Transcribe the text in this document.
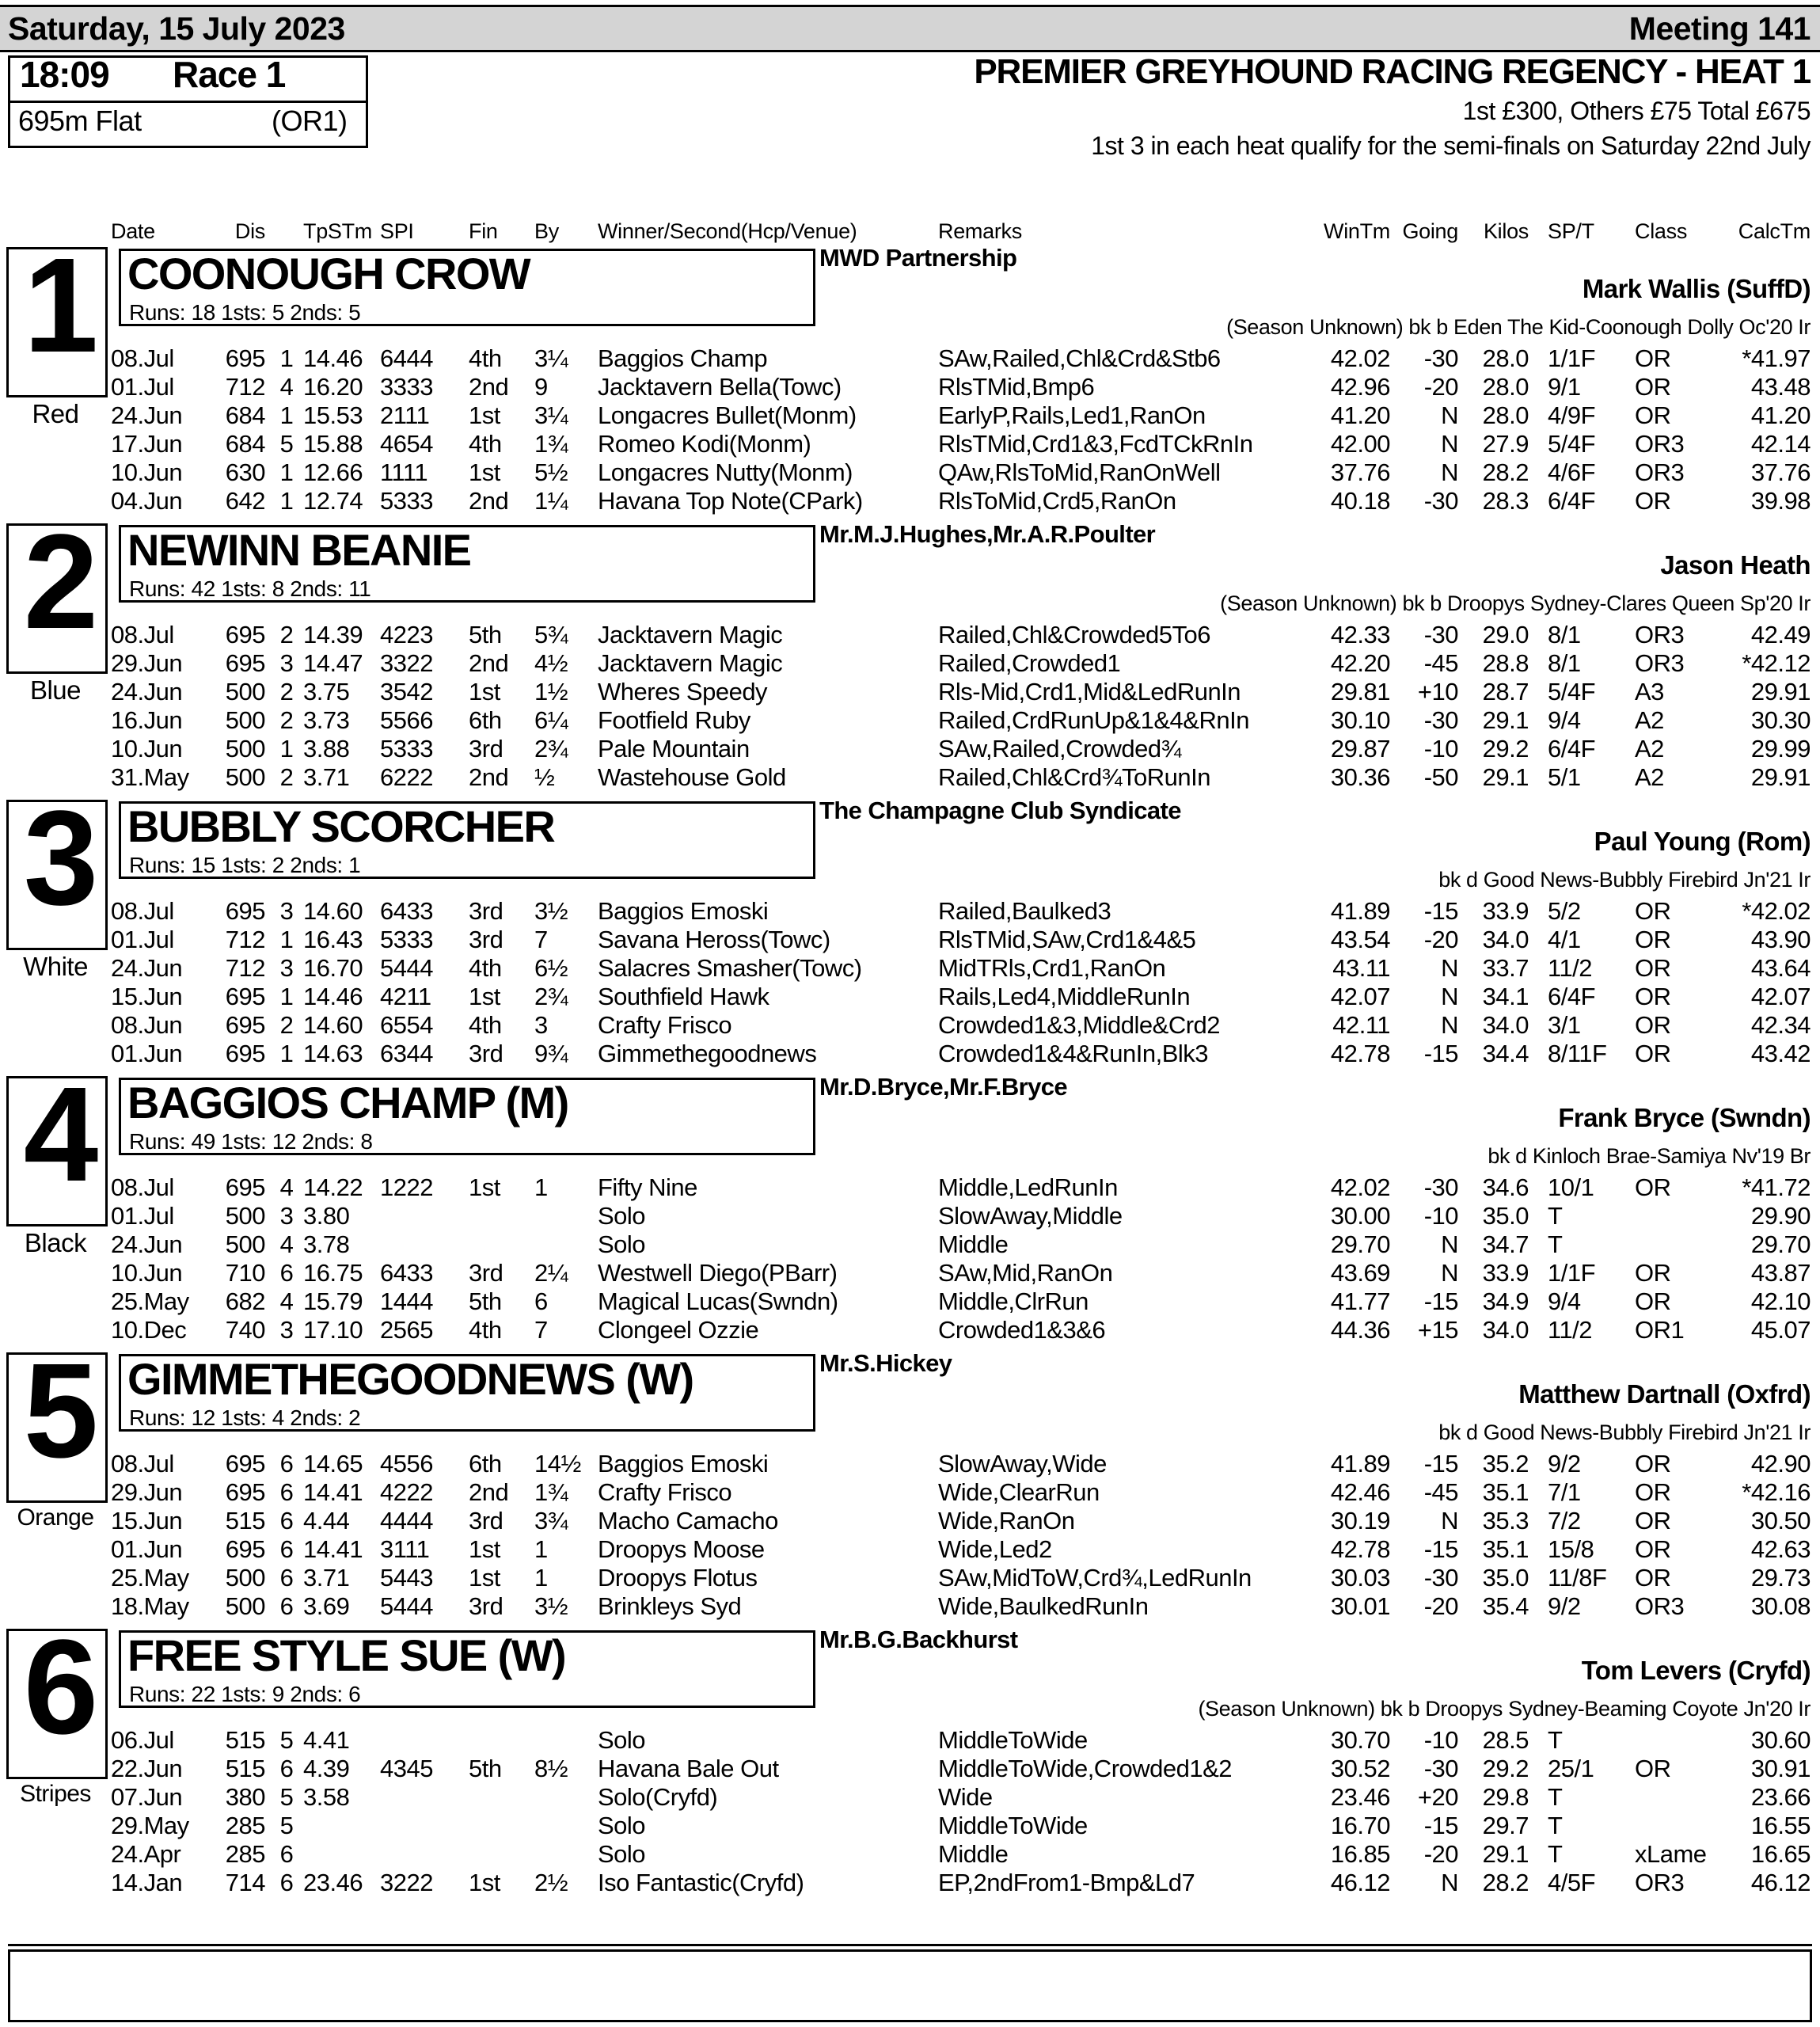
Saturday, 15 July 2023	Meeting 141
18:09 Race 1
695m Flat	(OR1)
PREMIER GREYHOUND RACING REGENCY - HEAT 1
1st £300, Others £75 Total £675
1st 3 in each heat qualify for the semi-finals on Saturday 22nd July
Date	Dis TpSTm SPI	Fin By Winner/Second(Hcp/Venue)	Remarks	WinTm Going	Kilos SP/T Class	CalcTm
1
Red
COONOUGH CROW
Runs: 18 1sts: 5 2nds: 5
MWD Partnership
Mark Wallis (SuffD)
(Season Unknown) bk b Eden The Kid-Coonough Dolly Oc'20 Ir
08.Jul	695 1 14.46 6444 4th 3¼ Baggios Champ	SAw,Railed,Chl&Crd&Stb6	42.02	-30 28.0 1/1F OR	*41.97
01.Jul	712 4 16.20 3333 2nd 9 Jacktavern Bella(Towc)	RlsTMid,Bmp6	42.96	-20 28.0 9/1 OR	43.48
24.Jun	684 1 15.53 2111 1st 3¼ Longacres Bullet(Monm)	EarlyP,Rails,Led1,RanOn	41.20	N 28.0 4/9F OR	41.20
17.Jun	684 5 15.88 4654 4th 1¾ Romeo Kodi(Monm)	RlsTMid,Crd1&3,FcdTCkRnIn	42.00	N 27.9 5/4F OR3	42.14
10.Jun	630 1 12.66 1111 1st 5½ Longacres Nutty(Monm)	QAw,RlsToMid,RanOnWell	37.76	N 28.2 4/6F OR3	37.76
04.Jun	642 1 12.74 5333 2nd 1¼ Havana Top Note(CPark)	RlsToMid,Crd5,RanOn	40.18	-30 28.3 6/4F OR	39.98
2
Blue
NEWINN BEANIE
Runs: 42 1sts: 8 2nds: 11
Mr.M.J.Hughes,Mr.A.R.Poulter
Jason Heath
(Season Unknown) bk b Droopys Sydney-Clares Queen Sp'20 Ir
08.Jul	695 2 14.39 4223 5th 5¾ Jacktavern Magic	Railed,Chl&Crowded5To6	42.33	-30 29.0 8/1 OR3	42.49
29.Jun	695 3 14.47 3322 2nd 4½ Jacktavern Magic	Railed,Crowded1	42.20	-45 28.8 8/1 OR3	*42.12
24.Jun	500 2 3.75 3542 1st 1½ Wheres Speedy	Rls-Mid,Crd1,Mid&LedRunIn	29.81	+10 28.7 5/4F A3	29.91
16.Jun	500 2 3.73 5566 6th 6¼ Footfield Ruby	Railed,CrdRunUp&1&4&RnIn	30.10	-30 29.1 9/4 A2	30.30
10.Jun	500 1 3.88 5333 3rd 2¾ Pale Mountain	SAw,Railed,Crowded¾	29.87	-10 29.2 6/4F A2	29.99
31.May	500 2 3.71 6222 2nd ½ Wastehouse Gold	Railed,Chl&Crd¾ToRunIn	30.36	-50 29.1 5/1 A2	29.91
3
White
BUBBLY SCORCHER
Runs: 15 1sts: 2 2nds: 1
The Champagne Club Syndicate
Paul Young (Rom)
bk d Good News-Bubbly Firebird Jn'21 Ir
08.Jul	695 3 14.60 6433 3rd 3½ Baggios Emoski	Railed,Baulked3	41.89	-15 33.9 5/2 OR	*42.02
01.Jul	712 1 16.43 5333 3rd 7 Savana Heross(Towc)	RlsTMid,SAw,Crd1&4&5	43.54	-20 34.0 4/1 OR	43.90
24.Jun	712 3 16.70 5444 4th 6½ Salacres Smasher(Towc)	MidTRls,Crd1,RanOn	43.11	N 33.7 11/2 OR	43.64
15.Jun	695 1 14.46 4211 1st 2¾ Southfield Hawk	Rails,Led4,MiddleRunIn	42.07	N 34.1 6/4F OR	42.07
08.Jun	695 2 14.60 6554 4th 3 Crafty Frisco	Crowded1&3,Middle&Crd2	42.11	N 34.0 3/1 OR	42.34
01.Jun	695 1 14.63 6344 3rd 9¾ Gimmethegoodnews	Crowded1&4&RunIn,Blk3	42.78	-15 34.4 8/11F OR	43.42
4
Black
BAGGIOS CHAMP (M)
Runs: 49 1sts: 12 2nds: 8
Mr.D.Bryce,Mr.F.Bryce
Frank Bryce (Swndn)
bk d Kinloch Brae-Samiya Nv'19 Br
08.Jul	695 4 14.22 1222 1st 1 Fifty Nine	Middle,LedRunIn	42.02	-30 34.6 10/1 OR	*41.72
01.Jul	500 3 3.80	Solo	SlowAway,Middle	30.00	-10 35.0 T	29.90
24.Jun	500 4 3.78	Solo	Middle	29.70	N 34.7 T	29.70
10.Jun	710 6 16.75 6433 3rd 2¼ Westwell Diego(PBarr)	SAw,Mid,RanOn	43.69	N 33.9 1/1F OR	43.87
25.May	682 4 15.79 1444 5th 6 Magical Lucas(Swndn)	Middle,ClrRun	41.77	-15 34.9 9/4 OR	42.10
10.Dec	740 3 17.10 2565 4th 7 Clongeel Ozzie	Crowded1&3&6	44.36	+15 34.0 11/2 OR1	45.07
5
Orange
GIMMETHEGOODNEWS (W)
Runs: 12 1sts: 4 2nds: 2
Mr.S.Hickey
Matthew Dartnall (Oxfrd)
bk d Good News-Bubbly Firebird Jn'21 Ir
08.Jul	695 6 14.65 4556 6th 14½ Baggios Emoski	SlowAway,Wide	41.89	-15 35.2 9/2 OR	42.90
29.Jun	695 6 14.41 4222 2nd 1¾ Crafty Frisco	Wide,ClearRun	42.46	-45 35.1 7/1 OR	*42.16
15.Jun	515 6 4.44 4444 3rd 3¾ Macho Camacho	Wide,RanOn	30.19	N 35.3 7/2 OR	30.50
01.Jun	695 6 14.41 3111 1st 1 Droopys Moose	Wide,Led2	42.78	-15 35.1 15/8 OR	42.63
25.May	500 6 3.71 5443 1st 1 Droopys Flotus	SAw,MidToW,Crd¾,LedRunIn	30.03	-30 35.0 11/8F OR	29.73
18.May	500 6 3.69 5444 3rd 3½ Brinkleys Syd	Wide,BaulkedRunIn	30.01	-20 35.4 9/2 OR3	30.08
6
Stripes
FREE STYLE SUE (W)
Runs: 22 1sts: 9 2nds: 6
Mr.B.G.Backhurst
Tom Levers (Cryfd)
(Season Unknown) bk b Droopys Sydney-Beaming Coyote Jn'20 Ir
06.Jul	515 5 4.41	Solo	MiddleToWide	30.70	-10 28.5 T	30.60
22.Jun	515 6 4.39 4345 5th 8½ Havana Bale Out	MiddleToWide,Crowded1&2	30.52	-30 29.2 25/1 OR	30.91
07.Jun	380 5 3.58	Solo(Cryfd)	Wide	23.46	+20 29.8 T	23.66
29.May	285 5	Solo	MiddleToWide	16.70	-15 29.7 T	16.55
24.Apr	285 6	Solo	Middle	16.85	-20 29.1 T	xLame	16.65
14.Jan	714 6 23.46 3222 1st 2½ Iso Fantastic(Cryfd)	EP,2ndFrom1-Bmp&Ld7	46.12	N 28.2 4/5F OR3	46.12
